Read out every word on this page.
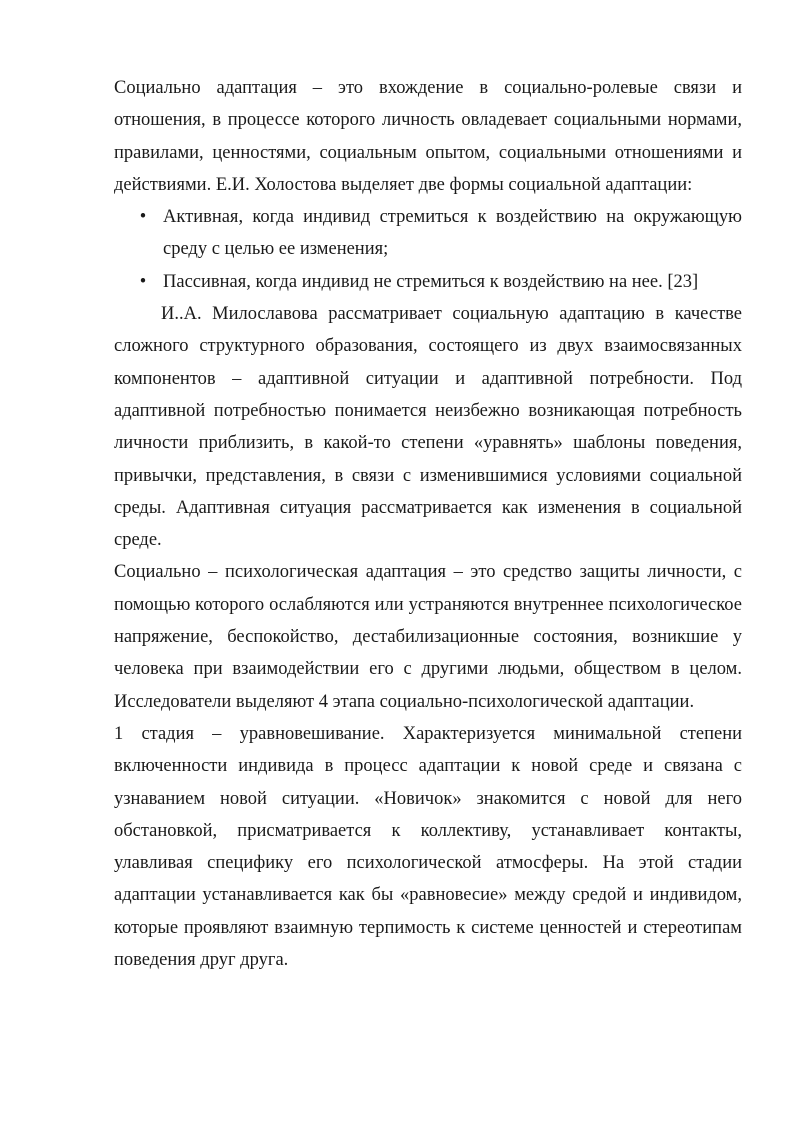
Социально адаптация – это вхождение в социально-ролевые связи и отношения, в процессе которого личность овладевает социальными нормами, правилами, ценностями, социальным опытом, социальными отношениями и действиями. Е.И. Холостова выделяет две формы социальной адаптации:

• Активная, когда индивид стремиться к воздействию на окружающую среду с целью ее изменения;
• Пассивная, когда индивид не стремиться к воздействию на нее. [23]

И..А. Милославова рассматривает социальную адаптацию в качестве сложного структурного образования, состоящего из двух взаимосвязанных компонентов – адаптивной ситуации и адаптивной потребности. Под адаптивной потребностью понимается неизбежно возникающая потребность личности приблизить, в какой-то степени «уравнять» шаблоны поведения, привычки, представления, в связи с изменившимися условиями социальной среды. Адаптивная ситуация рассматривается как изменения в социальной среде.

Социально – психологическая адаптация – это средство защиты личности, с помощью которого ослабляются или устраняются внутреннее психологическое напряжение, беспокойство, дестабилизационные состояния, возникшие у человека при взаимодействии его с другими людьми, обществом в целом. Исследователи выделяют 4 этапа социально-психологической адаптации.

1 стадия – уравновешивание. Характеризуется минимальной степени включенности индивида в процесс адаптации к новой среде и связана с узнаванием новой ситуации. «Новичок» знакомится с новой для него обстановкой, присматривается к коллективу, устанавливает контакты, улавливая специфику его психологической атмосферы. На этой стадии адаптации устанавливается как бы «равновесие» между средой и индивидом, которые проявляют взаимную терпимость к системе ценностей и стереотипам поведения друг друга.
